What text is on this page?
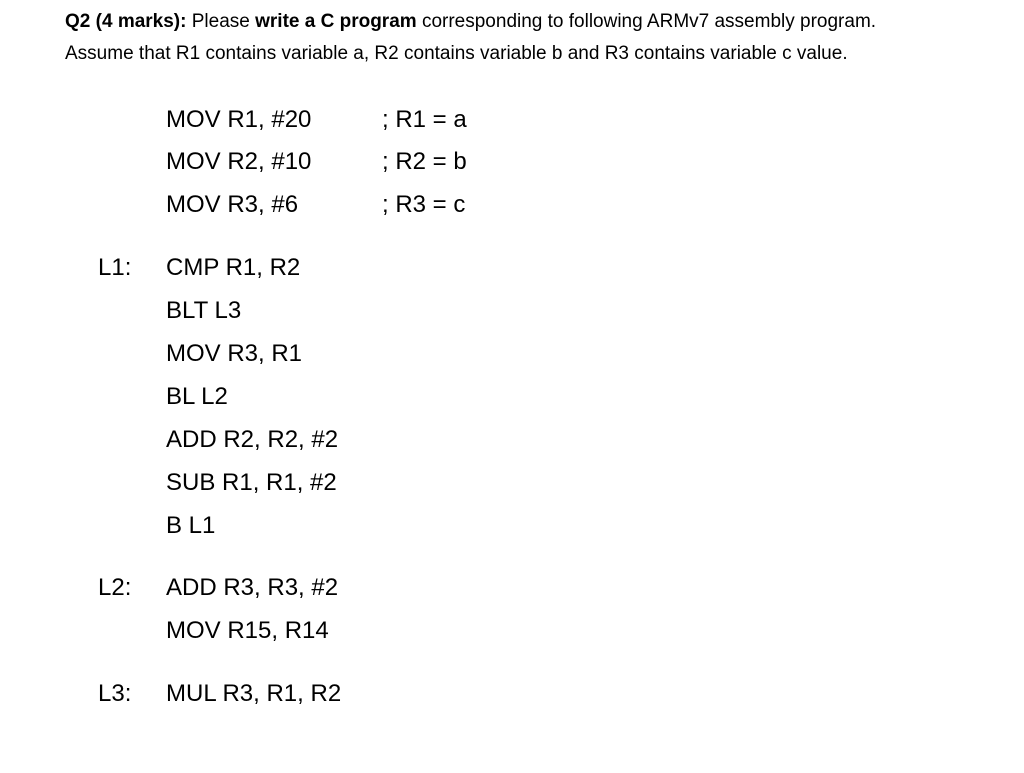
Q2 (4 marks): Please write a C program corresponding to following ARMv7 assembly program.

Assume that R1 contains variable a, R2 contains variable b and R3 contains variable c value.

MOV R1, #20	; R1 = a
MOV R2, #10	; R2 = b
MOV R3, #6	; R3 = c
L1: CMP R1, R2
BLT L3
MOV R3, R1
BL L2
ADD R2, R2, #2
SUB R1, R1, #2
B L1
L2: ADD R3, R3, #2
MOV R15, R14
L3: MUL R3, R1, R2
